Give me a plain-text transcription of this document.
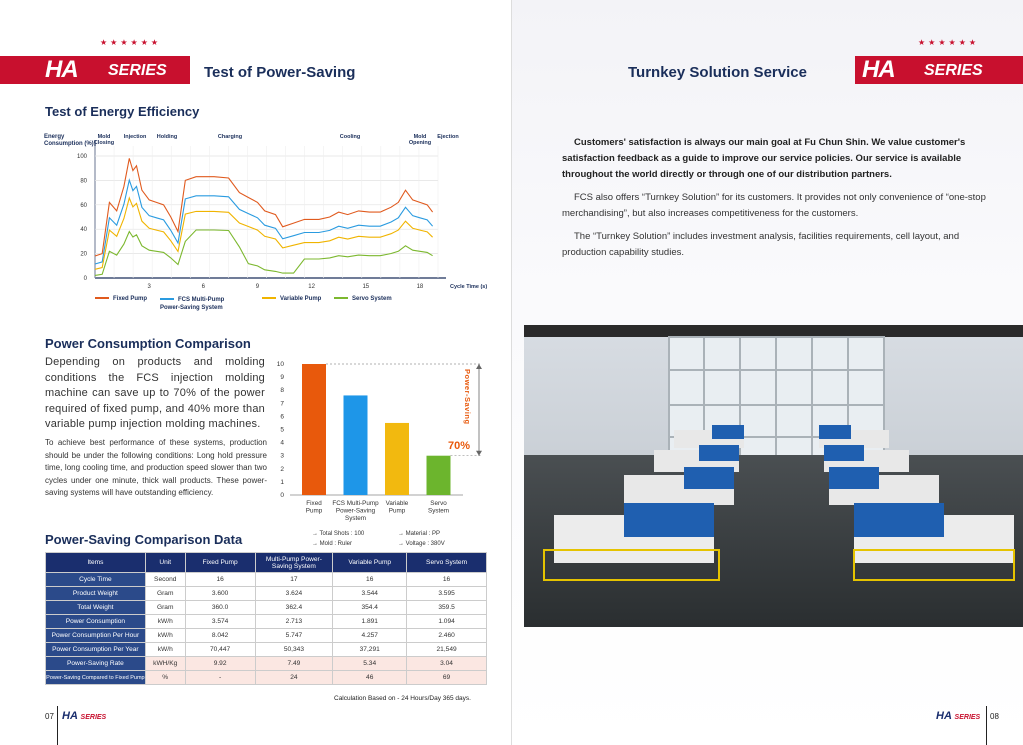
★★★★★★
HA SERIES Test of Power-Saving
Test of Energy Efficiency
Energy
Consumption (%)
0
20
40
60
80
100
3	6	9	12	15	18	Cycle Time (s)
Mold
Closing
Injection Holding	Charging	Cooling	Mold
Opening
Ejection
Fixed Pump	FCS Multi-Pump Power-Saving System
Variable Pump	Servo System
Power Consumption Comparison
Depending on products and molding conditions the FCS injection molding machine can save up to 70% of the power required of fixed pump, and 40% more than variable pump injection molding machines.
To achieve best performance of these systems, production should be under the following conditions: Long hold pressure time, long cooling time, and production speed slower than two cycles under one minute, thick wall products. These power-saving systems will have outstanding efficiency.	0
1
2
3
4
5
6
7
8
9
10
Fixed
Pump
FCS Multi-Pump
Power-Saving
System
Variable
Pump
Servo
System
Power-Saving
70%
Power-Saving Comparison Data	→ Total Shots : 100	→ Material : PP
→ Mold : Ruler	→ Voltage : 380V
Items	Unit	Fixed Pump	Multi-Pump Power-Saving System	Variable Pump	Servo System
Cycle Time	Second	16	17	16	16
Product Weight	Gram	3.600	3.624	3.544	3.595
Total Weight	Gram	360.0	362.4	354.4	359.5
Power Consumption	kW/h	3.574	2.713	1.891	1.094
Power Consumption Per Hour	kW/h	8.042	5.747	4.257	2.460
Power Consumption Per Year	kW/h	70,447	50,343	37,291	21,549
Power-Saving Rate	kWH/Kg	9.92	7.49	5.34	3.04
Power-Saving Compared to Fixed Pump	%	-	24	46	69
Calculation Based on - 24 Hours/Day 365 days.
07 HA SERIES
Turnkey Solution Service
★★★★★★
HA SERIES
Customers' satisfaction is always our main goal at Fu Chun Shin. We value customer's satisfaction feedback as a guide to improve our service policies. Our service is available throughout the world directly or through one of our distribution partners.
FCS also offers “Turnkey Solution” for its customers. It provides not only convenience of “one-stop merchandising”, but also increases competitiveness for the customers.
The “Turnkey Solution” includes investment analysis, facilities requirements, cell layout, and production capability studies.
HA SERIES 08
